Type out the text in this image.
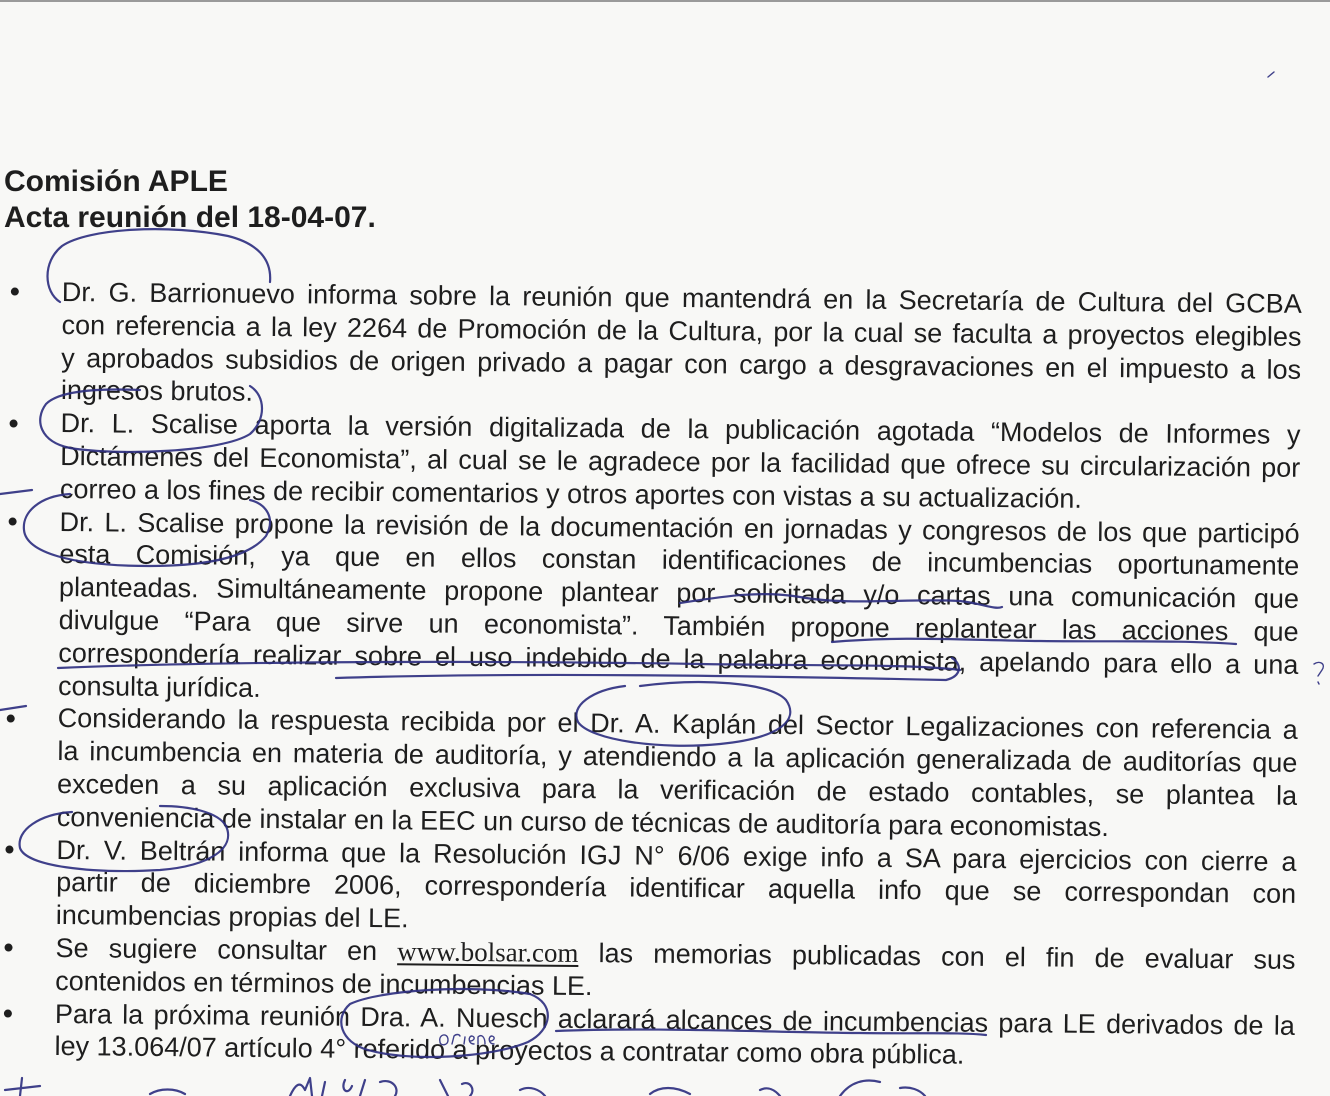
Comisión APLE
Acta reunión del 18-04-07.
Dr. G. Barrionuevo informa sobre la reunión que mantendrá en la Secretaría de Cultura del GCBA
con referencia a la ley 2264 de Promoción de la Cultura, por la cual se faculta a proyectos elegibles
y aprobados subsidios de origen privado a pagar con cargo a desgravaciones en el impuesto a los
ingresos brutos.
Dr. L. Scalise aporta la versión digitalizada de la publicación agotada “Modelos de Informes y
Dictámenes del Economista”, al cual se le agradece por la facilidad que ofrece su circularización por
correo a los fines de recibir comentarios y otros aportes con vistas a su actualización.
Dr. L. Scalise propone la revisión de la documentación en jornadas y congresos de los que participó
esta Comisión, ya que en ellos constan identificaciones de incumbencias oportunamente
planteadas. Simultáneamente propone plantear por solicitada y/o cartas una comunicación que
divulgue “Para que sirve un economista”. También propone replantear las acciones que
correspondería realizar sobre el uso indebido de la palabra economista, apelando para ello a una
consulta jurídica.
Considerando la respuesta recibida por el Dr. A. Kaplán del Sector Legalizaciones con referencia a
la incumbencia en materia de auditoría, y atendiendo a la aplicación generalizada de auditorías que
exceden a su aplicación exclusiva para la verificación de estado contables, se plantea la
conveniencia de instalar en la EEC un curso de técnicas de auditoría para economistas.
Dr. V. Beltrán informa que la Resolución IGJ N° 6/06 exige info a SA para ejercicios con cierre a
partir de diciembre 2006, correspondería identificar aquella info que se correspondan con
incumbencias propias del LE.
Se sugiere consultar en www.bolsar.com las memorias publicadas con el fin de evaluar sus
contenidos en términos de incumbencias LE.
Para la próxima reunión Dra. A. Nuesch aclarará alcances de incumbencias para LE derivados de la
ley 13.064/07 artículo 4° referido a proyectos a contratar como obra pública.
